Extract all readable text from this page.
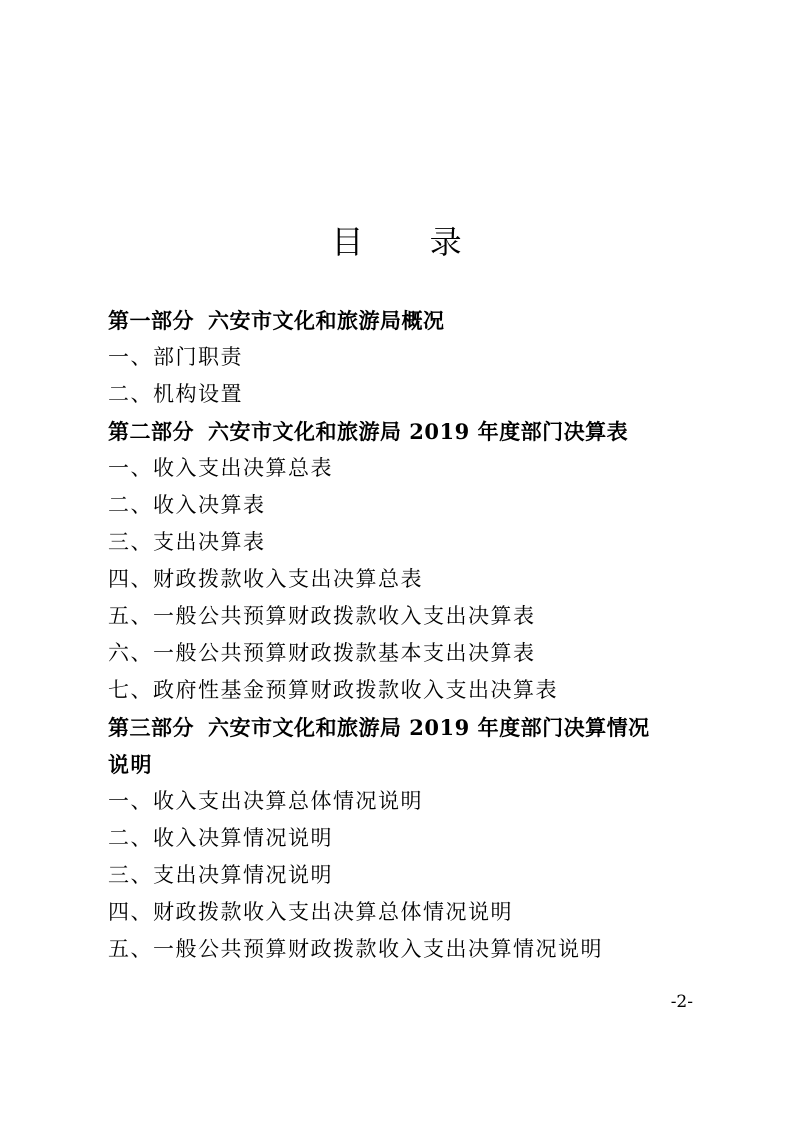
目 录
第一部分 六安市文化和旅游局概况
一、部门职责
二、机构设置
第二部分 六安市文化和旅游局 2019 年度部门决算表
一、收入支出决算总表
二、收入决算表
三、支出决算表
四、财政拨款收入支出决算总表
五、一般公共预算财政拨款收入支出决算表
六、一般公共预算财政拨款基本支出决算表
七、政府性基金预算财政拨款收入支出决算表
第三部分 六安市文化和旅游局 2019 年度部门决算情况
说明
一、收入支出决算总体情况说明
二、收入决算情况说明
三、支出决算情况说明
四、财政拨款收入支出决算总体情况说明
五、一般公共预算财政拨款收入支出决算情况说明
-2-
